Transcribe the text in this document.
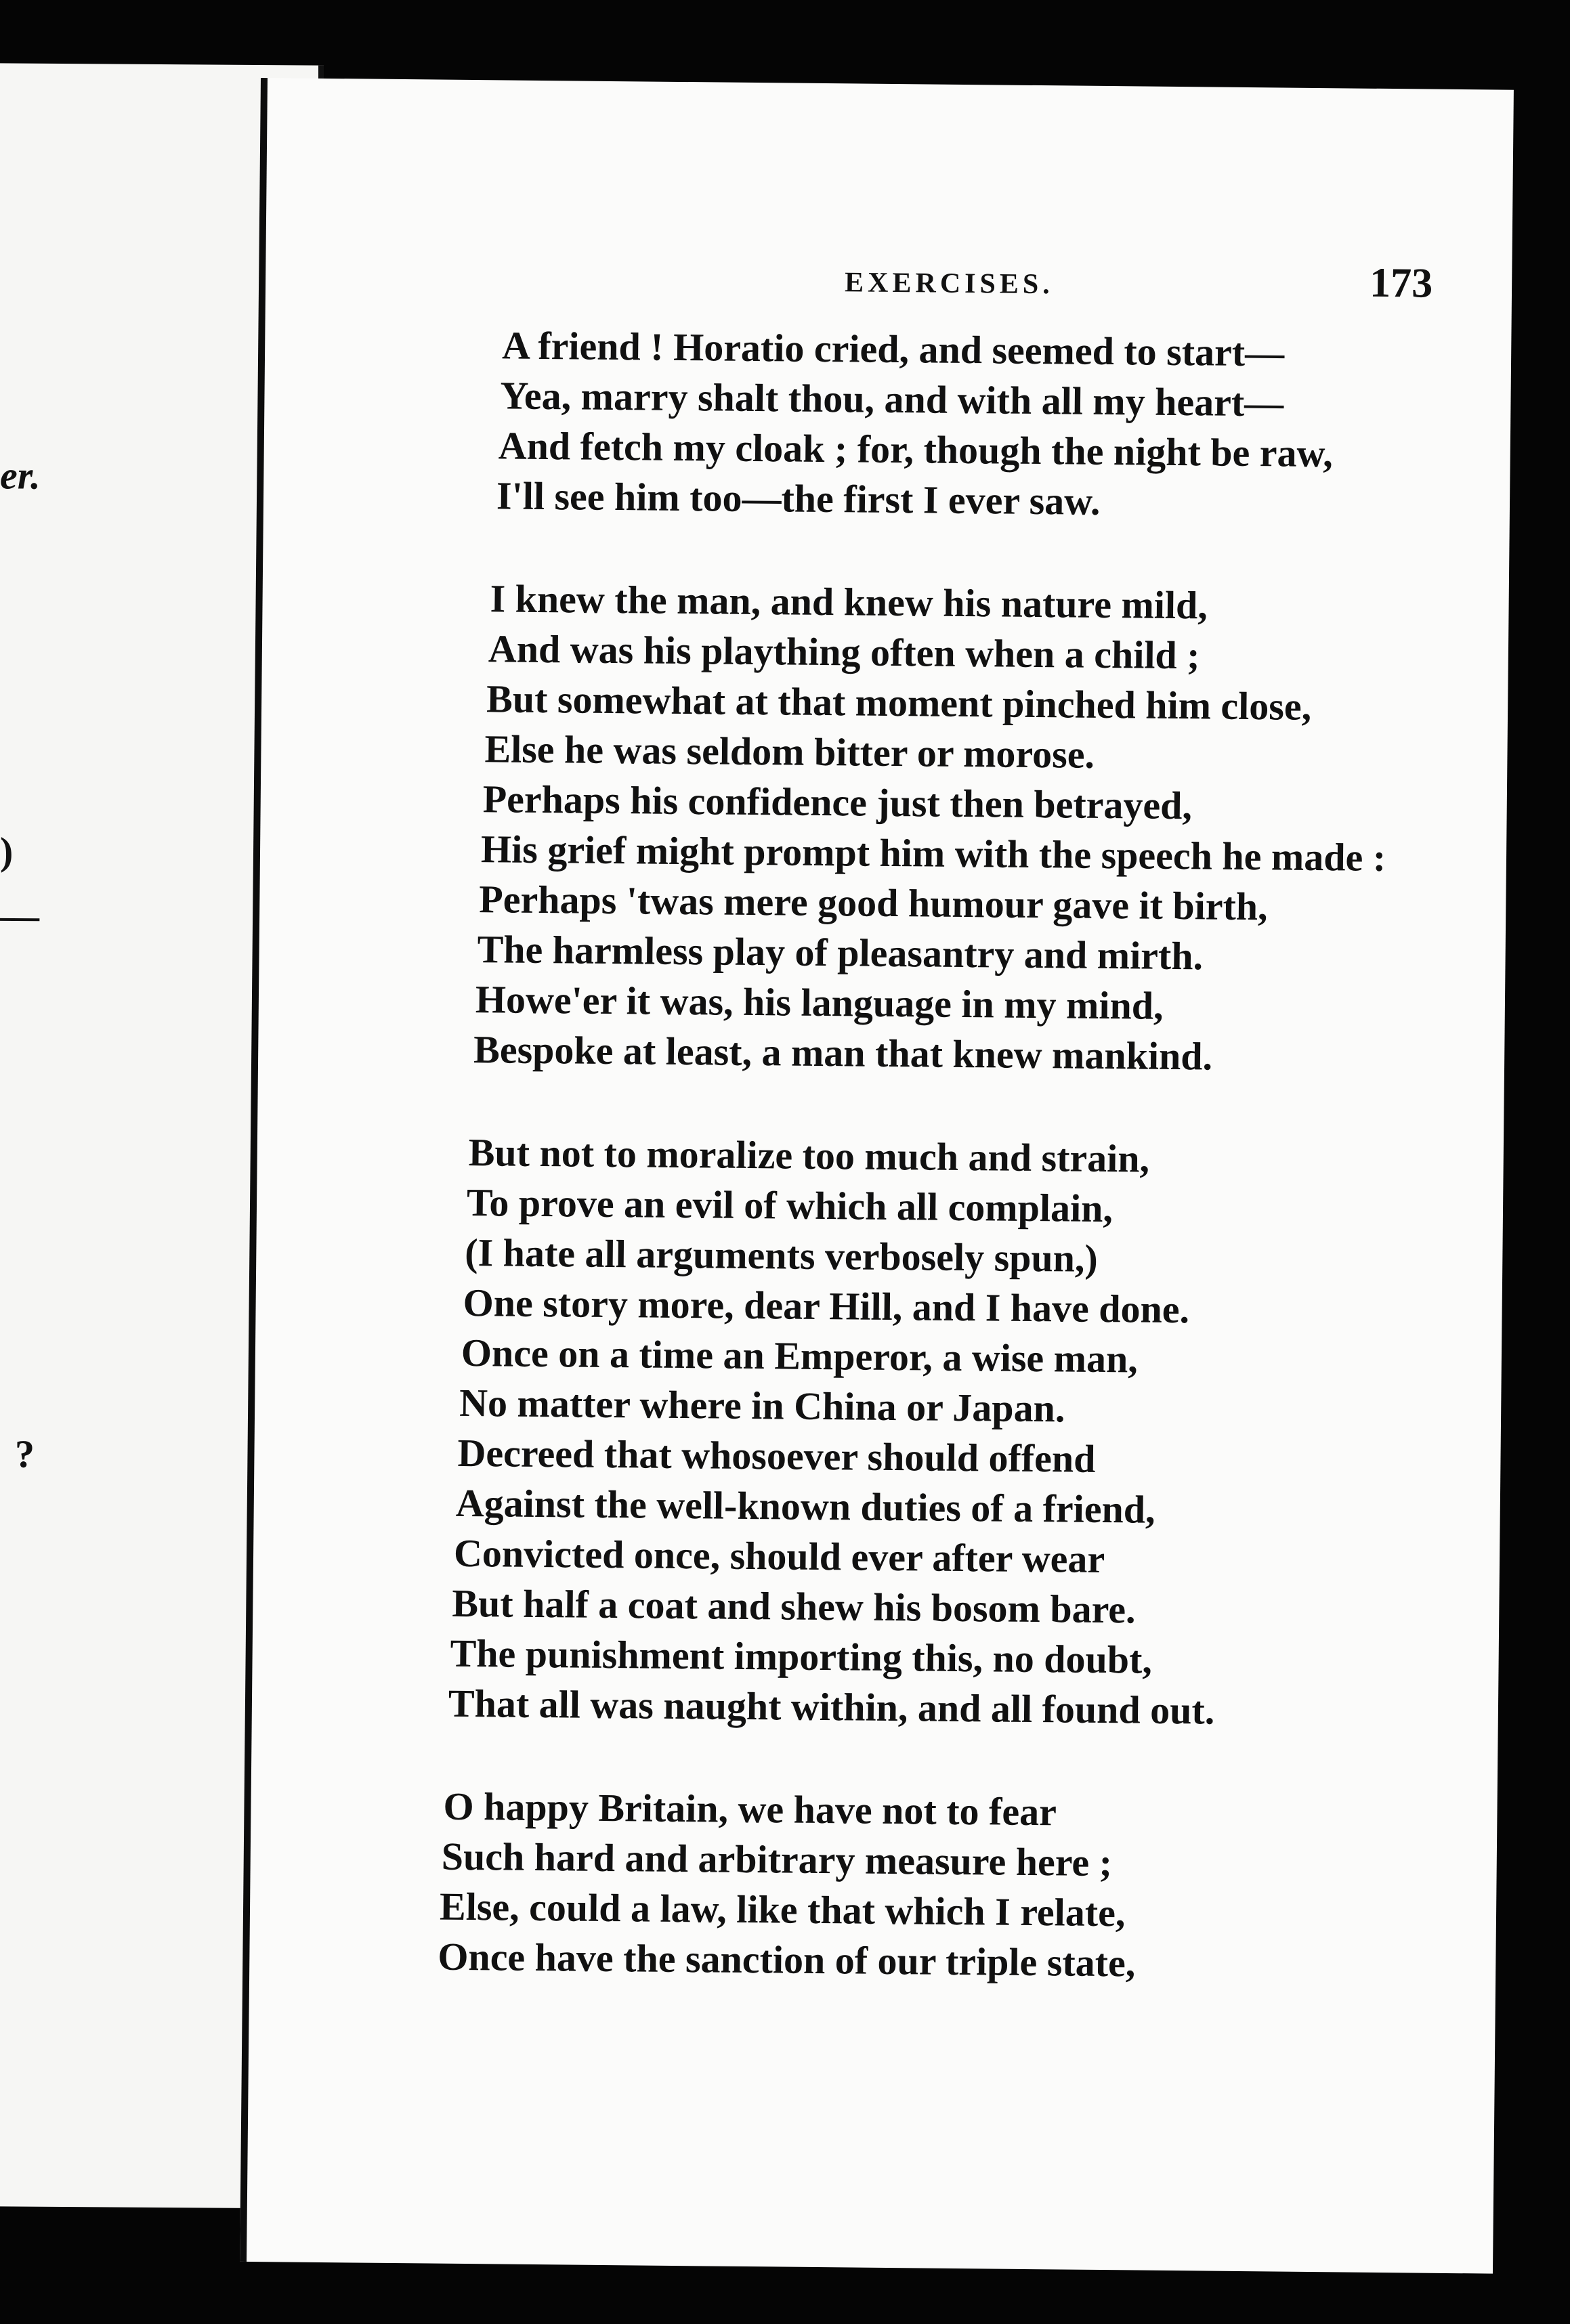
er.
)
—
?
EXERCISES.	173
A friend ! Horatio cried, and seemed to start—
Yea, marry shalt thou, and with all my heart—
And fetch my cloak ; for, though the night be raw,
I'll see him too—the first I ever saw.
I knew the man, and knew his nature mild,
And was his plaything often when a child ;
But somewhat at that moment pinched him close,
Else he was seldom bitter or morose.
Perhaps his confidence just then betrayed,
His grief might prompt him with the speech he made :
Perhaps 'twas mere good humour gave it birth,
The harmless play of pleasantry and mirth.
Howe'er it was, his language in my mind,
Bespoke at least, a man that knew mankind.
But not to moralize too much and strain,
To prove an evil of which all complain,
(I hate all arguments verbosely spun,)
One story more, dear Hill, and I have done.
Once on a time an Emperor, a wise man,
No matter where in China or Japan.
Decreed that whosoever should offend
Against the well-known duties of a friend,
Convicted once, should ever after wear
But half a coat and shew his bosom bare.
The punishment importing this, no doubt,
That all was naught within, and all found out.
O happy Britain, we have not to fear
Such hard and arbitrary measure here ;
Else, could a law, like that which I relate,
Once have the sanction of our triple state,
